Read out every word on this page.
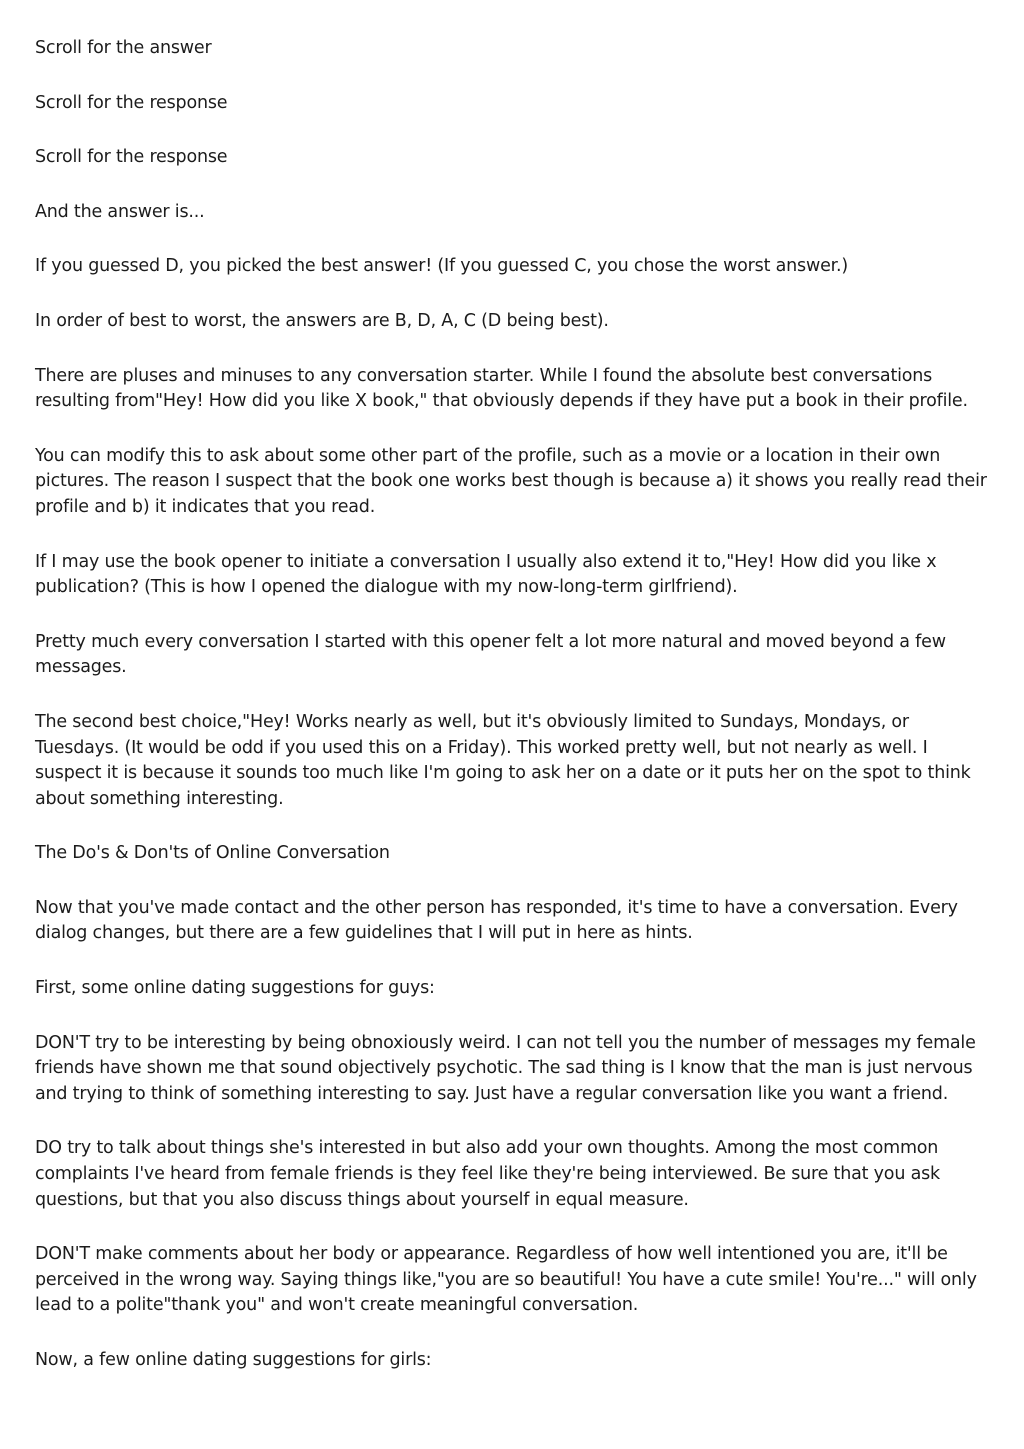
Scroll for the answer

Scroll for the response

Scroll for the response

And the answer is...

If you guessed D, you picked the best answer! (If you guessed C, you chose the worst answer.)

In order of best to worst, the answers are B, D, A, C (D being best).

There are pluses and minuses to any conversation starter. While I found the absolute best conversations resulting from"Hey! How did you like X book," that obviously depends if they have put a book in their profile.

You can modify this to ask about some other part of the profile, such as a movie or a location in their own pictures. The reason I suspect that the book one works best though is because a) it shows you really read their profile and b) it indicates that you read.

If I may use the book opener to initiate a conversation I usually also extend it to,"Hey! How did you like x publication? (This is how I opened the dialogue with my now-long-term girlfriend).

Pretty much every conversation I started with this opener felt a lot more natural and moved beyond a few messages.

The second best choice,"Hey! Works nearly as well, but it's obviously limited to Sundays, Mondays, or Tuesdays. (It would be odd if you used this on a Friday). This worked pretty well, but not nearly as well. I suspect it is because it sounds too much like I'm going to ask her on a date or it puts her on the spot to think about something interesting.

The Do's & Don'ts of Online Conversation

Now that you've made contact and the other person has responded, it's time to have a conversation. Every dialog changes, but there are a few guidelines that I will put in here as hints.

First, some online dating suggestions for guys:

DON'T try to be interesting by being obnoxiously weird. I can not tell you the number of messages my female friends have shown me that sound objectively psychotic. The sad thing is I know that the man is just nervous and trying to think of something interesting to say. Just have a regular conversation like you want a friend.

DO try to talk about things she's interested in but also add your own thoughts. Among the most common complaints I've heard from female friends is they feel like they're being interviewed. Be sure that you ask questions, but that you also discuss things about yourself in equal measure.

DON'T make comments about her body or appearance. Regardless of how well intentioned you are, it'll be perceived in the wrong way. Saying things like,"you are so beautiful! You have a cute smile! You're..." will only lead to a polite"thank you" and won't create meaningful conversation.

Now, a few online dating suggestions for girls:
